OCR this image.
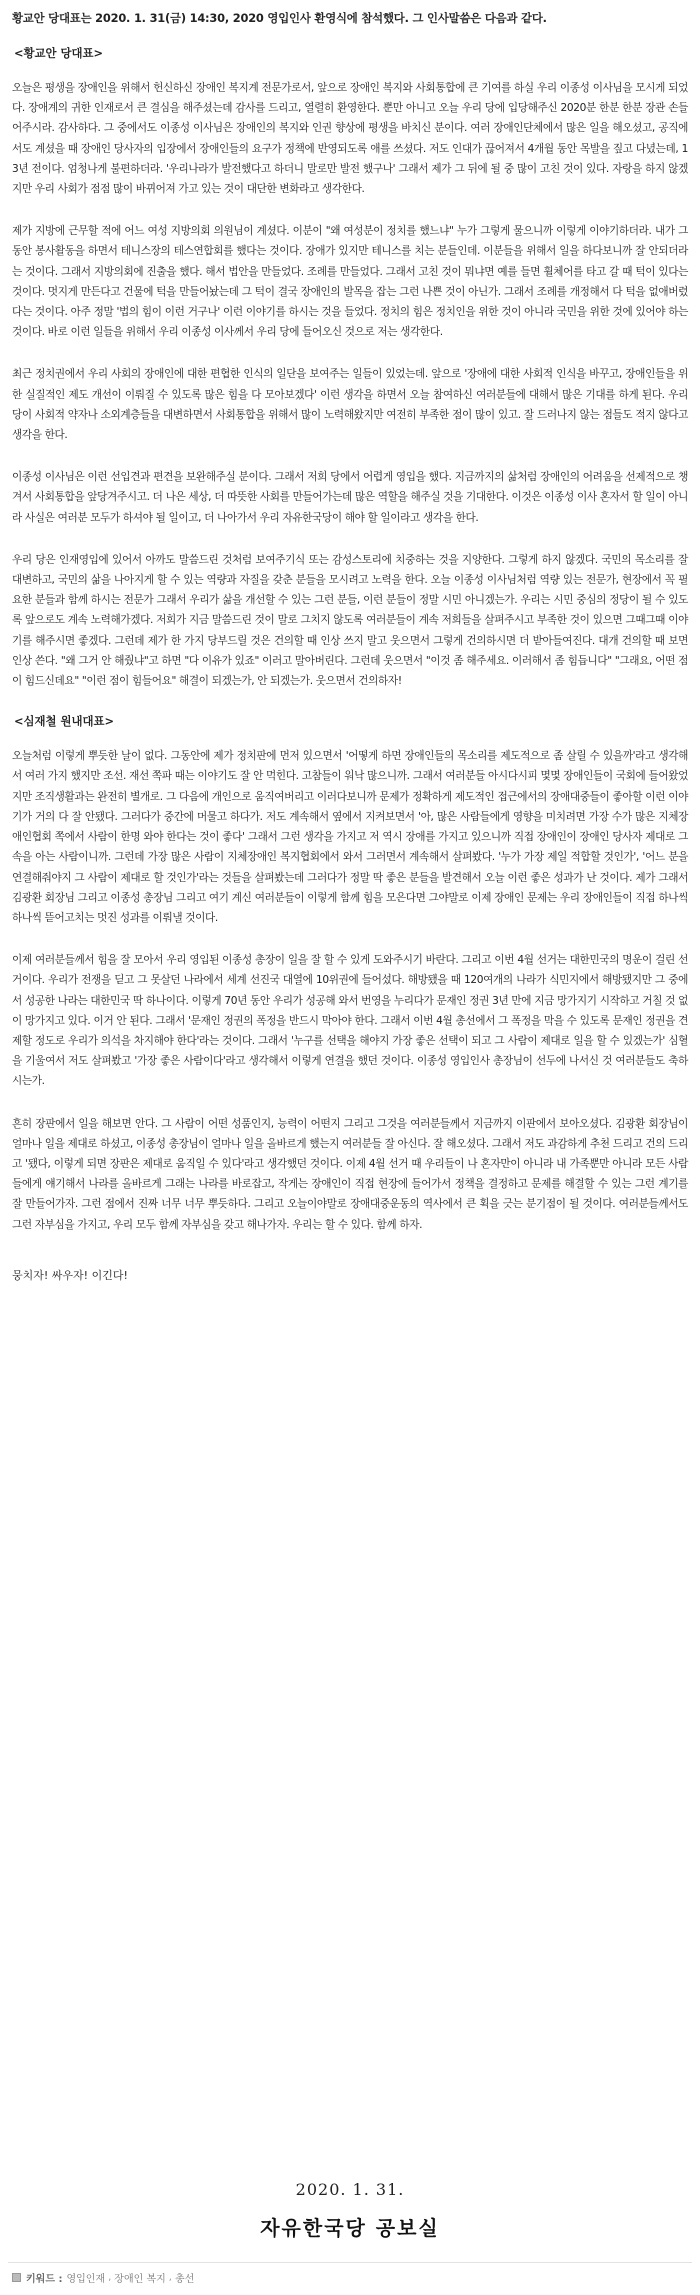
황교안 당대표는 2020. 1. 31(금) 14:30, 2020 영입인사 환영식에 참석했다. 그 인사말씀은 다음과 같다.

<황교안 당대표>

오늘은 평생을 장애인을 위해서 헌신하신 장애인 복지계 전문가로서, 앞으로 장애인 복지와 사회통합에 큰 기여를 하실 우리 이종성 이사님을 모시게 되었다. 장애계의 귀한 인재로서 큰 결심을 해주셨는데 감사를 드리고, 열렬히 환영한다. 뿐만 아니고 오늘 우리 당에 입당해주신 2020분 한분 한분 장관 손들어주시라. 감사하다. 그 중에서도 이종성 이사님은 장애인의 복지와 인권 향상에 평생을 바치신 분이다. 여러 장애인단체에서 많은 일을 해오셨고, 공직에서도 계셨을 때 장애인 당사자의 입장에서 장애인들의 요구가 정책에 반영되도록 애를 쓰셨다. 저도 인대가 끊어져서 4개월 동안 목발을 짚고 다녔는데, 13년 전이다. 엄청나게 불편하더라. '우리나라가 발전했다고 하더니 말로만 발전 했구나' 그래서 제가 그 뒤에 될 중 많이 고친 것이 있다. 자랑을 하지 않겠지만 우리 사회가 점점 많이 바뀌어져 가고 있는 것이 대단한 변화라고 생각한다.

제가 지방에 근무할 적에 어느 여성 지방의회 의원님이 계셨다. 이분이 "왜 여성분이 정치를 했느냐" 누가 그렇게 물으니까 이렇게 이야기하더라. 내가 그동안 봉사활동을 하면서 테니스장의 테스연합회를 했다는 것이다. 장애가 있지만 테니스를 치는 분들인데. 이분들을 위해서 일을 하다보니까 잘 안되더라는 것이다. 그래서 지방의회에 진출을 했다. 해서 법안을 만들었다. 조례를 만들었다. 그래서 고친 것이 뭐냐면 예를 들면 휠체어를 타고 갈 때 턱이 있다는 것이다. 멋지게 만든다고 건물에 턱을 만들어놨는데 그 턱이 결국 장애인의 발목을 잡는 그런 나쁜 것이 아닌가. 그래서 조례를 개정해서 다 턱을 없애버렸다는 것이다. 아주 정말 '법의 힘이 이런 거구나' 이런 이야기를 하시는 것을 들었다. 정치의 힘은 정치인을 위한 것이 아니라 국민을 위한 것에 있어야 하는 것이다. 바로 이런 일들을 위해서 우리 이종성 이사께서 우리 당에 들어오신 것으로 저는 생각한다.

최근 정치권에서 우리 사회의 장애인에 대한 편협한 인식의 일단을 보여주는 일들이 있었는데. 앞으로 '장애에 대한 사회적 인식을 바꾸고, 장애인들을 위한 실질적인 제도 개선이 이뤄질 수 있도록 많은 힘을 다 모아보겠다' 이런 생각을 하면서 오늘 참여하신 여러분들에 대해서 많은 기대를 하게 된다. 우리 당이 사회적 약자나 소외계층들을 대변하면서 사회통합을 위해서 많이 노력해왔지만 여전히 부족한 점이 많이 있고. 잘 드러나지 않는 점들도 적지 않다고 생각을 한다.

이종성 이사님은 이런 선입견과 편견을 보완해주실 분이다. 그래서 저희 당에서 어렵게 영입을 했다. 지금까지의 삶처럼 장애인의 어려움을 선제적으로 챙겨서 사회통합을 앞당겨주시고. 더 나은 세상, 더 따뜻한 사회를 만들어가는데 많은 역할을 해주실 것을 기대한다. 이것은 이종성 이사 혼자서 할 일이 아니라 사실은 여러분 모두가 하셔야 될 일이고, 더 나아가서 우리 자유한국당이 해야 할 일이라고 생각을 한다.

우리 당은 인재영입에 있어서 아까도 말씀드린 것처럼 보여주기식 또는 감성스토리에 치중하는 것을 지양한다. 그렇게 하지 않겠다. 국민의 목소리를 잘 대변하고, 국민의 삶을 나아지게 할 수 있는 역량과 자질을 갖춘 분들을 모시려고 노력을 한다. 오늘 이종성 이사님처럼 역량 있는 전문가, 현장에서 꼭 필요한 분들과 함께 하시는 전문가 그래서 우리가 삶을 개선할 수 있는 그런 분들, 이런 분들이 정말 시민 아니겠는가. 우리는 시민 중심의 정당이 될 수 있도록 앞으로도 계속 노력해가겠다. 저희가 지금 말씀드린 것이 말로 그치지 않도록 여러분들이 계속 저희들을 살펴주시고 부족한 것이 있으면 그때그때 이야기를 해주시면 좋겠다. 그런데 제가 한 가지 당부드릴 것은 건의할 때 인상 쓰지 말고 웃으면서 그렇게 건의하시면 더 받아들여진다. 대개 건의할 때 보면 인상 쓴다. "왜 그거 안 해줬냐"고 하면 "다 이유가 있죠" 이러고 말아버린다. 그런데 웃으면서 "이것 좀 해주세요. 이러해서 좀 힘듭니다" "그래요, 어떤 점이 힘드신데요" "이런 점이 힘들어요" 해결이 되겠는가, 안 되겠는가. 웃으면서 건의하자!

<심재철 원내대표>

오늘처럼 이렇게 뿌듯한 날이 없다. 그동안에 제가 정치판에 먼저 있으면서 '어떻게 하면 장애인들의 목소리를 제도적으로 좀 살릴 수 있을까'라고 생각해서 여러 가지 했지만 조선. 재선 쪽파 때는 이야기도 잘 안 먹힌다. 고참들이 워낙 많으니까. 그래서 여러분들 아시다시피 몇몇 장애인들이 국회에 들어왔었지만 조직생활과는 완전히 별개로. 그 다음에 개인으로 움직여버리고 이러다보니까 문제가 정확하게 제도적인 접근에서의 장애대중들이 좋아할 이런 이야기가 거의 다 잘 안됐다. 그러다가 중간에 머물고 하다가. 저도 계속해서 옆에서 지켜보면서 '아, 많은 사람들에게 영향을 미치려면 가장 수가 많은 지체장애인협회 쪽에서 사람이 한명 와야 한다는 것이 좋다' 그래서 그런 생각을 가지고 저 역시 장애를 가지고 있으니까 직접 장애인이 장애인 당사자 제대로 그 속을 아는 사람이니까. 그런데 가장 많은 사람이 지체장애인 복지협회에서 와서 그러면서 계속해서 살펴봤다. '누가 가장 제일 적합할 것인가', '어느 분을 연결해줘야지 그 사람이 제대로 할 것인가'라는 것들을 살펴봤는데 그러다가 정말 딱 좋은 분들을 발견해서 오늘 이런 좋은 성과가 난 것이다. 제가 그래서 김광환 회장님 그리고 이종성 총장님 그리고 여기 계신 여러분들이 이렇게 함께 힘을 모은다면 그야말로 이제 장애인 문제는 우리 장애인들이 직접 하나씩 하나씩 뜯어고치는 멋진 성과를 이뤄낼 것이다.

이제 여러분들께서 힘을 잘 모아서 우리 영입된 이종성 총장이 일을 잘 할 수 있게 도와주시기 바란다. 그리고 이번 4월 선거는 대한민국의 명운이 걸린 선거이다. 우리가 전쟁을 딛고 그 못살던 나라에서 세계 선진국 대열에 10위권에 들어섰다. 해방됐을 때 120여개의 나라가 식민지에서 해방됐지만 그 중에서 성공한 나라는 대한민국 딱 하나이다. 이렇게 70년 동안 우리가 성공해 와서 번영을 누리다가 문재인 정권 3년 만에 지금 망가지기 시작하고 거칠 것 없이 망가지고 있다. 이거 안 된다. 그래서 '문재인 정권의 폭정을 반드시 막아야 한다. 그래서 이번 4월 총선에서 그 폭정을 막을 수 있도록 문재인 정권을 견제할 정도로 우리가 의석을 차지해야 한다'라는 것이다. 그래서 '누구를 선택을 해야지 가장 좋은 선택이 되고 그 사람이 제대로 일을 할 수 있겠는가' 심혈을 기울여서 저도 살펴봤고 '가장 좋은 사람이다'라고 생각해서 이렇게 연결을 했던 것이다. 이종성 영입인사 총장님이 선두에 나서신 것 여러분들도 축하시는가.

흔히 장판에서 일을 해보면 안다. 그 사람이 어떤 성품인지, 능력이 어떤지 그리고 그것을 여러분들께서 지금까지 이판에서 보아오셨다. 김광환 회장님이 얼마나 일을 제대로 하셨고, 이종성 총장님이 얼마나 일을 올바르게 했는지 여러분들 잘 아신다. 잘 해오셨다. 그래서 저도 과감하게 추천 드리고 건의 드리고 '됐다, 이렇게 되면 장판은 제대로 움직일 수 있다'라고 생각했던 것이다. 이제 4월 선거 때 우리들이 나 혼자만이 아니라 내 가족뿐만 아니라 모든 사람들에게 얘기해서 나라를 올바르게 그래는 나라를 바로잡고, 작게는 장애인이 직접 현장에 들어가서 정책을 결정하고 문제를 해결할 수 있는 그런 계기를 잘 만들어가자. 그런 점에서 진짜 너무 너무 뿌듯하다. 그리고 오늘이야말로 장애대중운동의 역사에서 큰 획을 긋는 분기점이 될 것이다. 여러분들께서도 그런 자부심을 가지고, 우리 모두 함께 자부심을 갖고 해나가자. 우리는 할 수 있다. 함께 하자.

뭉치자! 싸우자! 이긴다!

2020. 1. 31.
자유한국당 공보실
키워드 : 영입인재 , 장애인 복지 , 총선
